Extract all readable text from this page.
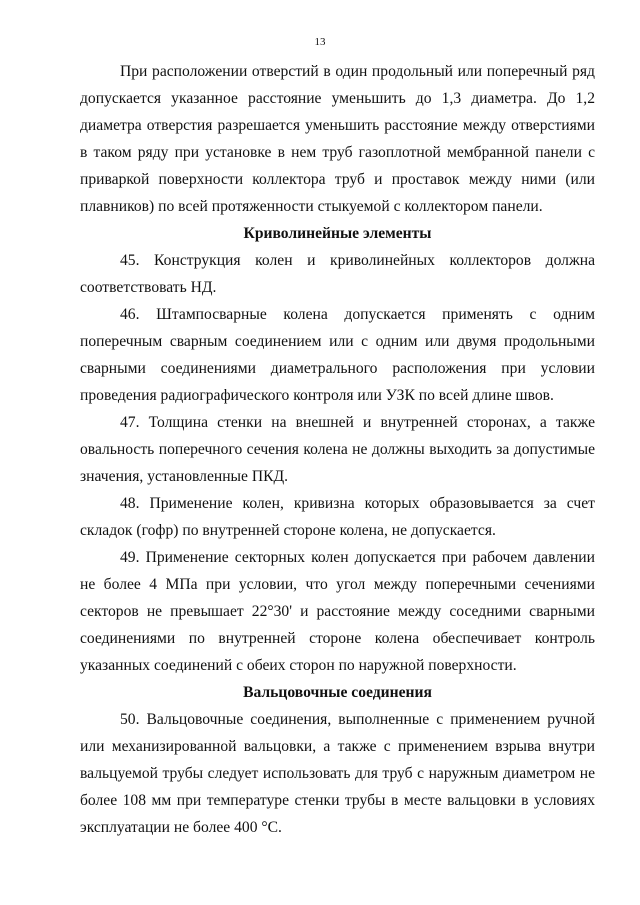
13

При расположении отверстий в один продольный или поперечный ряд допускается указанное расстояние уменьшить до 1,3 диаметра. До 1,2 диаметра отверстия разрешается уменьшить расстояние между отверстиями в таком ряду при установке в нем труб газоплотной мембранной панели с приваркой поверхности коллектора труб и проставок между ними (или плавников) по всей протяженности стыкуемой с коллектором панели.

Криволинейные элементы

45. Конструкция колен и криволинейных коллекторов должна соответствовать НД.

46. Штампосварные колена допускается применять с одним поперечным сварным соединением или с одним или двумя продольными сварными соединениями диаметрального расположения при условии проведения радиографического контроля или УЗК по всей длине швов.

47. Толщина стенки на внешней и внутренней сторонах, а также овальность поперечного сечения колена не должны выходить за допустимые значения, установленные ПКД.

48. Применение колен, кривизна которых образовывается за счет складок (гофр) по внутренней стороне колена, не допускается.

49. Применение секторных колен допускается при рабочем давлении не более 4 МПа при условии, что угол между поперечными сечениями секторов не превышает 22°30' и расстояние между соседними сварными соединениями по внутренней стороне колена обеспечивает контроль указанных соединений с обеих сторон по наружной поверхности.

Вальцовочные соединения

50. Вальцовочные соединения, выполненные с применением ручной или механизированной вальцовки, а также с применением взрыва внутри вальцуемой трубы следует использовать для труб с наружным диаметром не более 108 мм при температуре стенки трубы в месте вальцовки в условиях эксплуатации не более 400 °С.
